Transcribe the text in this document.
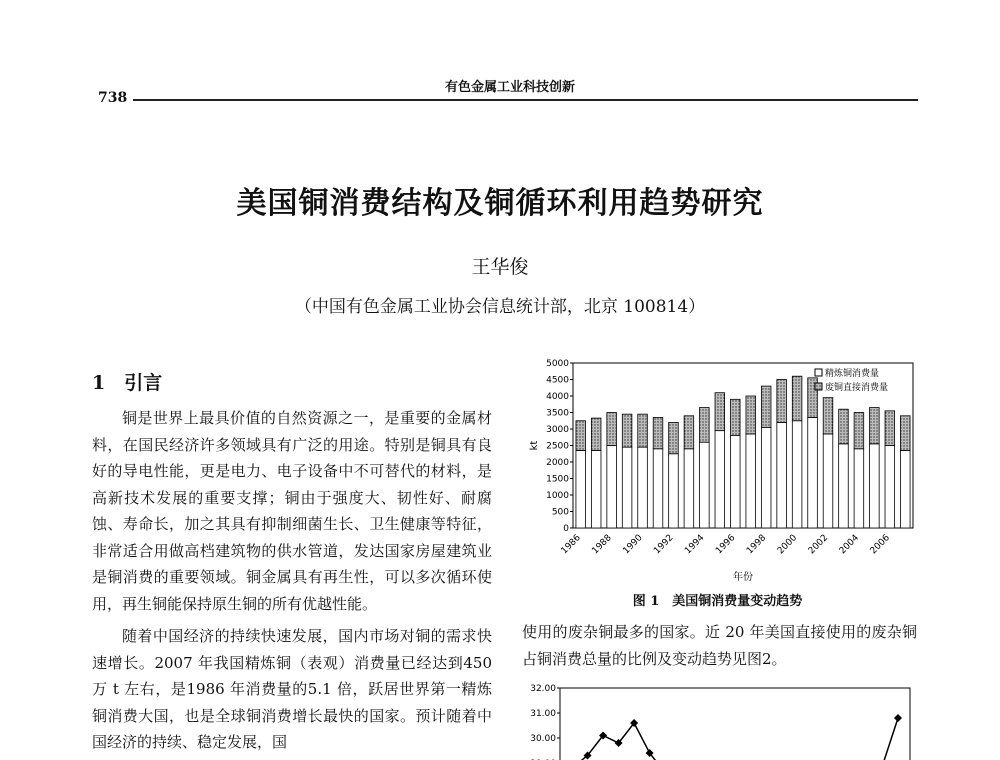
有色金属工业科技创新
738
美国铜消费结构及铜循环利用趋势研究
王华俊
（中国有色金属工业协会信息统计部，北京 100814）
1　引言

铜是世界上最具价值的自然资源之一，是重要的金属材料，在国民经济许多领域具有广泛的用途。特别是铜具有良好的导电性能，更是电力、电子设备中不可替代的材料，是高新技术发展的重要支撑；铜由于强度大、韧性好、耐腐蚀、寿命长，加之其具有抑制细菌生长、卫生健康等特征，非常适合用做高档建筑物的供水管道，发达国家房屋建筑业是铜消费的重要领域。铜金属具有再生性，可以多次循环使用，再生铜能保持原生铜的所有优越性能。

随着中国经济的持续快速发展，国内市场对铜的需求快速增长。2007 年我国精炼铜（表观）消费量已经达到450 万 t 左右，是1986 年消费量的5.1 倍，跃居世界第一精炼铜消费大国，也是全球铜消费增长最快的国家。预计随着中国经济的持续、稳定发展，国

0
500
1000
1500
2000
2500
3000
3500
4000
4500
5000
kt
1986 1988 1990 1992 1994 1996 1998 2000 2002 2004 2006
年份
精炼铜消费量
废铜直接消费量
图 1　美国铜消费量变动趋势
使用的废杂铜最多的国家。近 20 年美国直接使用的废杂铜占铜消费总量的比例及变动趋势见图2。
32.00
31.00
30.00
